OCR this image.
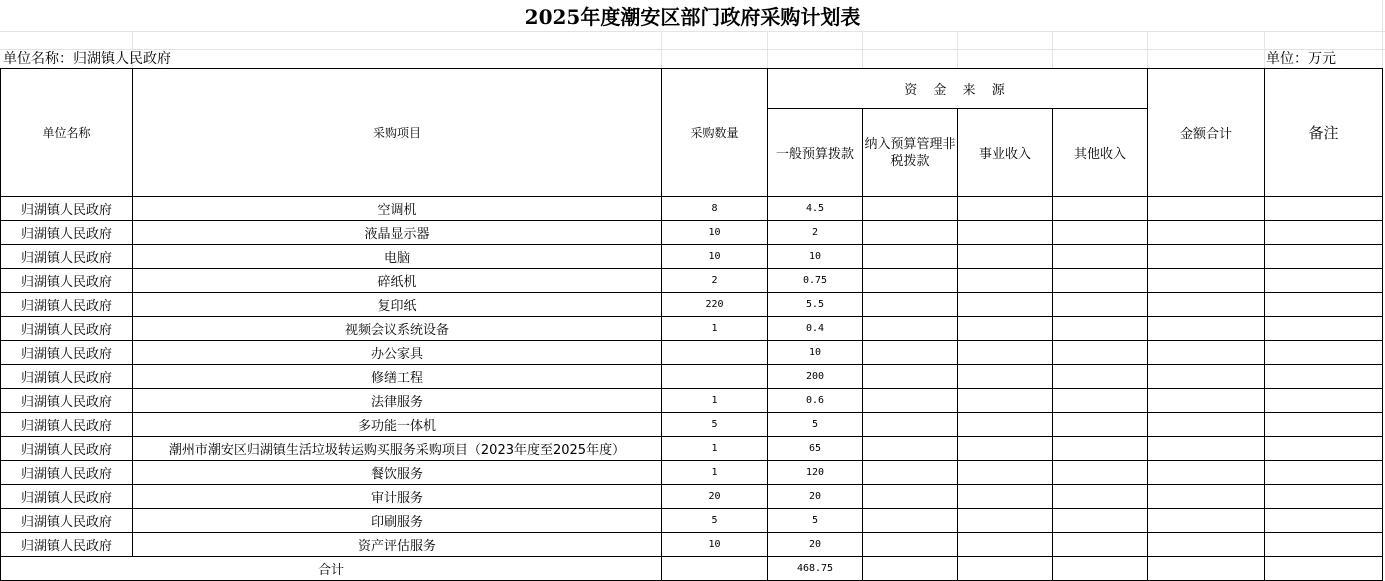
2025年度潮安区部门政府采购计划表
单位名称：归湖镇人民政府	单位：万元
单位名称	采购项目	采购数量	资 金 来 源				金额合计	备注
			一般预算拨款	纳入预算管理非税拨款	事业收入	其他收入		
归湖镇人民政府	空调机	8	4.5					
归湖镇人民政府	液晶显示器	10	2					
归湖镇人民政府	电脑	10	10					
归湖镇人民政府	碎纸机	2	0.75					
归湖镇人民政府	复印纸	220	5.5					
归湖镇人民政府	视频会议系统设备	1	0.4					
归湖镇人民政府	办公家具		10					
归湖镇人民政府	修缮工程		200					
归湖镇人民政府	法律服务	1	0.6					
归湖镇人民政府	多功能一体机	5	5					
归湖镇人民政府	潮州市潮安区归湖镇生活垃圾转运购买服务采购项目（2023年度至2025年度）	1	65					
归湖镇人民政府	餐饮服务	1	120					
归湖镇人民政府	审计服务	20	20					
归湖镇人民政府	印刷服务	5	5					
归湖镇人民政府	资产评估服务	10	20					
合计			468.75					
